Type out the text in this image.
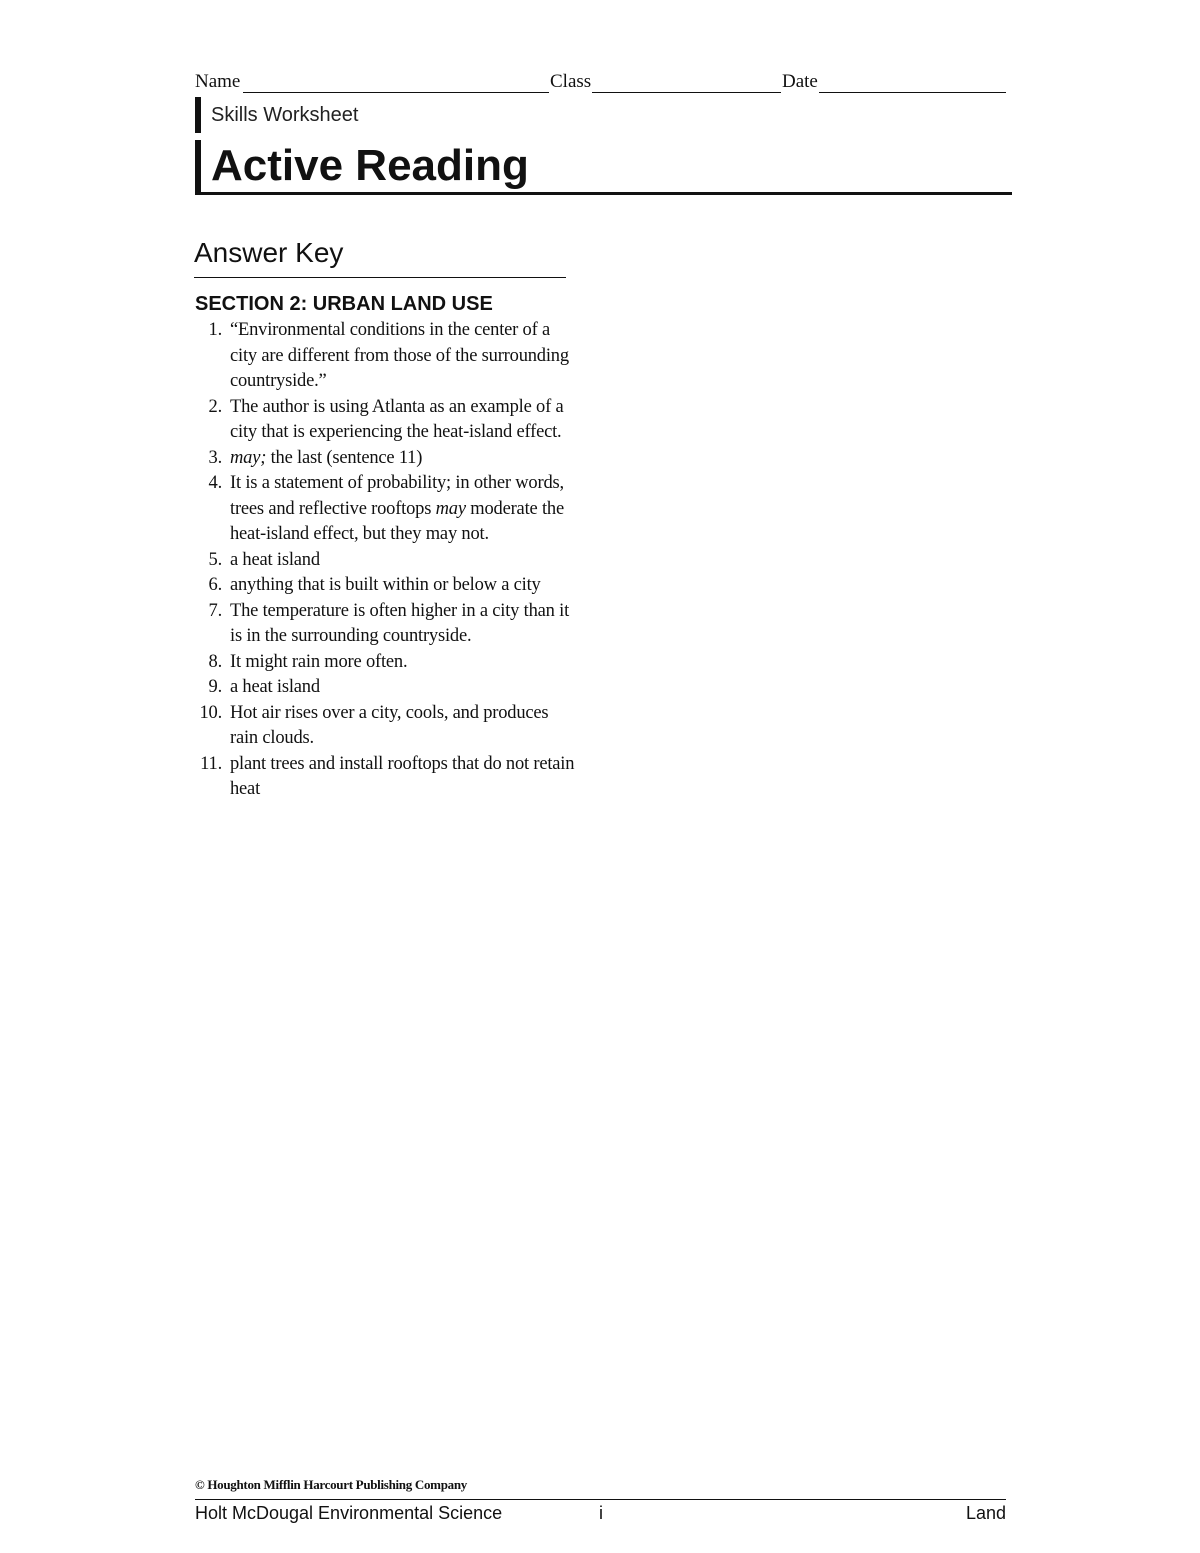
Name	Class	Date
Skills Worksheet
Active Reading
Answer Key
SECTION 2: URBAN LAND USE
1. “Environmental conditions in the center of a city are different from those of the surrounding countryside.”
2. The author is using Atlanta as an example of a city that is experiencing the heat-island effect.
3. may; the last (sentence 11)
4. It is a statement of probability; in other words, trees and reflective rooftops may moderate the heat-island effect, but they may not.
5. a heat island
6. anything that is built within or below a city
7. The temperature is often higher in a city than it is in the surrounding countryside.
8. It might rain more often.
9. a heat island
10. Hot air rises over a city, cools, and produces rain clouds.
11. plant trees and install rooftops that do not retain heat
© Houghton Mifflin Harcourt Publishing Company
Holt McDougal Environmental Science	i	Land
